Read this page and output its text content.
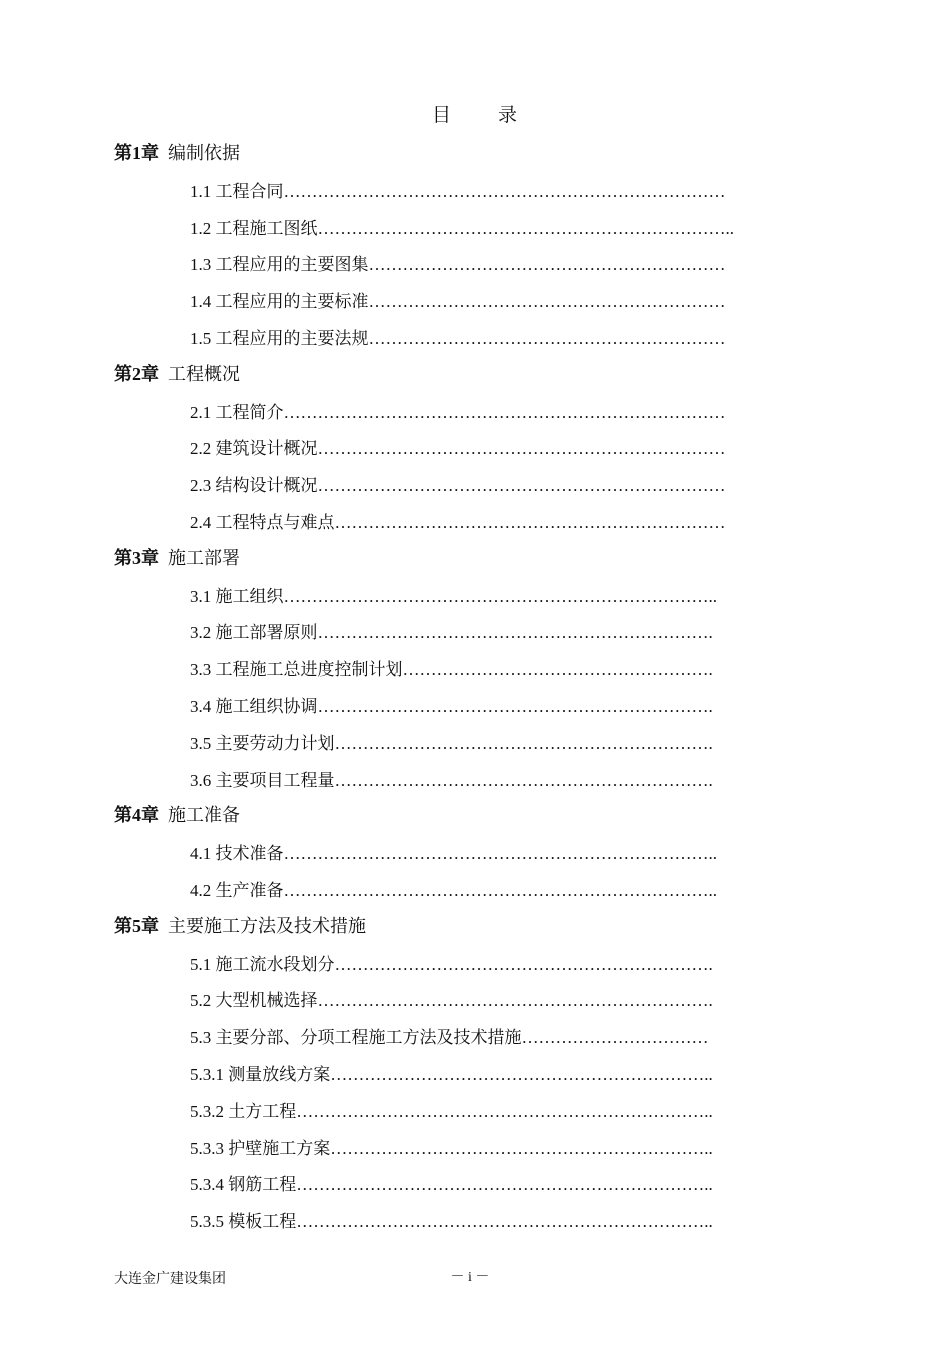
目 录
第1章 编制依据
1.1 工程合同……………………………………………………………………
1.2 工程施工图纸………………………………………………………………..
1.3 工程应用的主要图集………………………………………………………
1.4 工程应用的主要标准………………………………………………………
1.5 工程应用的主要法规………………………………………………………
第2章 工程概况
2.1 工程简介……………………………………………………………………
2.2 建筑设计概况………………………………………………………………
2.3 结构设计概况………………………………………………………………
2.4 工程特点与难点……………………………………………………………
第3章 施工部署
3.1 施工组织…………………………………………………………………..
3.2 施工部署原则…………………………………………………………….
3.3 工程施工总进度控制计划……………………………………………….
3.4 施工组织协调…………………………………………………………….
3.5 主要劳动力计划………………………………………………………….
3.6 主要项目工程量………………………………………………………….
第4章 施工准备
4.1 技术准备…………………………………………………………………..
4.2 生产准备…………………………………………………………………..
第5章 主要施工方法及技术措施
5.1 施工流水段划分………………………………………………………….
5.2 大型机械选择…………………………………………………………….
5.3 主要分部、分项工程施工方法及技术措施……………………………
5.3.1 测量放线方案…………………………………………………………..
5.3.2 土方工程………………………………………………………………..
5.3.3 护壁施工方案…………………………………………………………..
5.3.4 钢筋工程………………………………………………………………..
5.3.5 模板工程………………………………………………………………..
大连金广建设集团	－ i －
